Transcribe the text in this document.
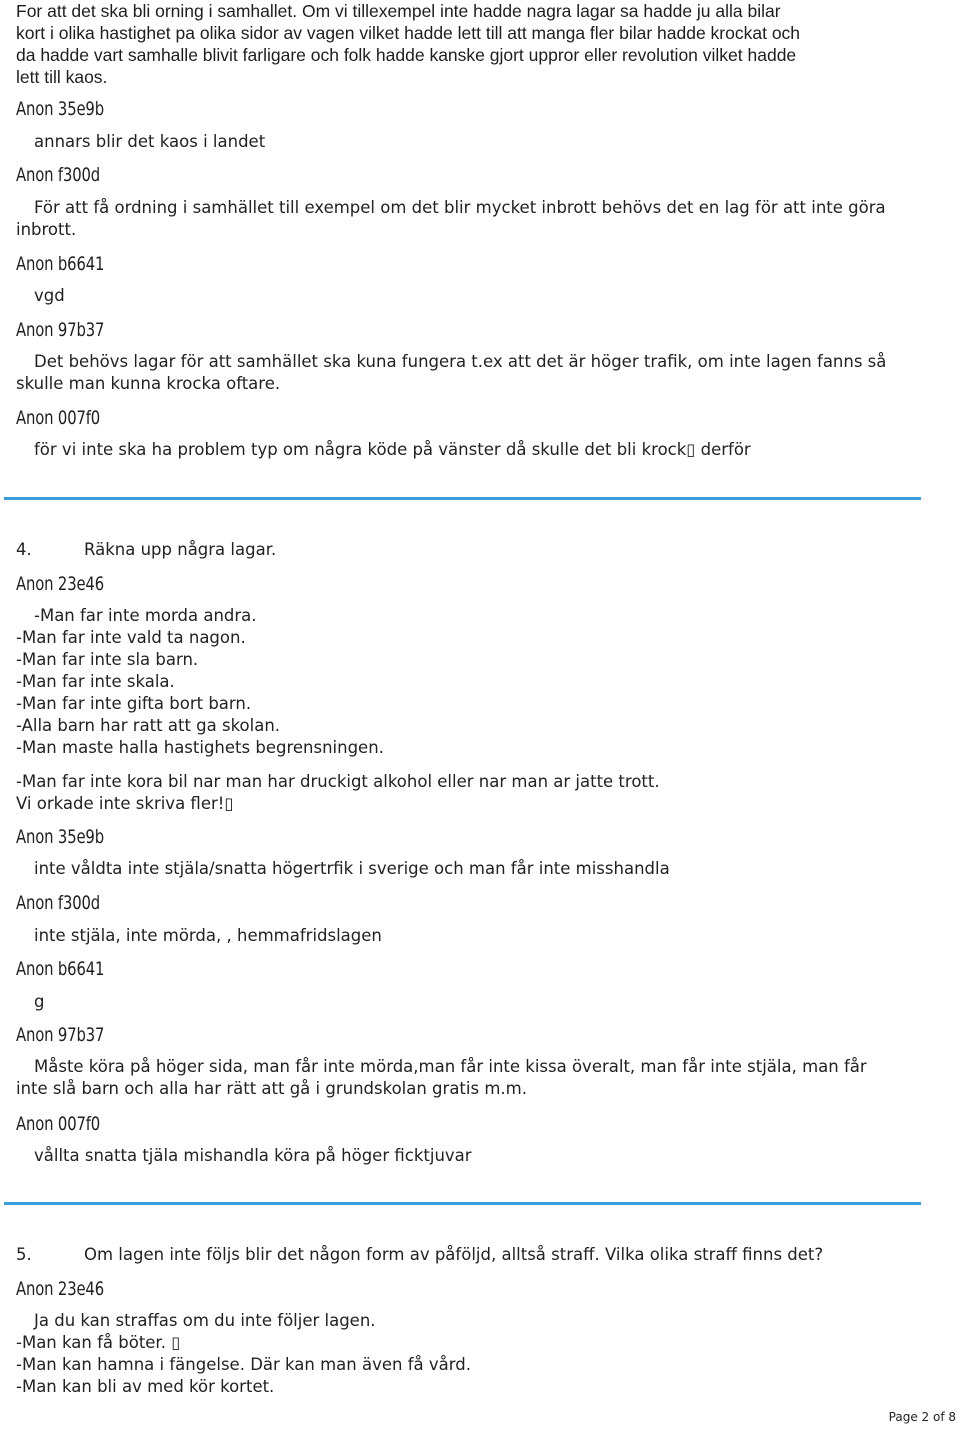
For att det ska bli orning i samhallet. Om vi tillexempel inte hadde nagra lagar sa hadde ju alla bilar
kort i olika hastighet pa olika sidor av vagen vilket hadde lett till att manga fler bilar hadde krockat och
da hadde vart samhalle blivit farligare och folk hadde kanske gjort uppror eller revolution vilket hadde
lett till kaos.
Anon 35e9b
annars blir det kaos i landet
Anon f300d
För att få ordning i samhället till exempel om det blir mycket inbrott behövs det en lag för att inte göra
inbrott.
Anon b6641
vgd
Anon 97b37
Det behövs lagar för att samhället ska kuna fungera t.ex att det är höger trafik, om inte lagen fanns så
skulle man kunna krocka oftare.
Anon 007f0
för vi inte ska ha problem typ om några köde på vänster då skulle det bli krock▯ derför
4.	Räkna upp några lagar.
Anon 23e46
-Man far inte morda andra.
-Man far inte vald ta nagon.
-Man far inte sla barn.
-Man far inte skala.
-Man far inte gifta bort barn.
-Alla barn har ratt att ga skolan.
-Man maste halla hastighets begrensningen.
-Man far inte kora bil nar man har druckigt alkohol eller nar man ar jatte trott.
Vi orkade inte skriva fler!▯
Anon 35e9b
inte våldta inte stjäla/snatta högertrfik i sverige och man får inte misshandla
Anon f300d
inte stjäla, inte mörda, , hemmafridslagen
Anon b6641
g
Anon 97b37
Måste köra på höger sida, man får inte mörda,man får inte kissa överalt, man får inte stjäla, man får
inte slå barn och alla har rätt att gå i grundskolan gratis m.m.
Anon 007f0
vållta snatta tjäla mishandla köra på höger ficktjuvar
5.	Om lagen inte följs blir det någon form av påföljd, alltså straff. Vilka olika straff finns det?
Anon 23e46
Ja du kan straffas om du inte följer lagen.
-Man kan få böter. ▯
-Man kan hamna i fängelse. Där kan man även få vård.
-Man kan bli av med kör kortet.
Page 2 of 8
